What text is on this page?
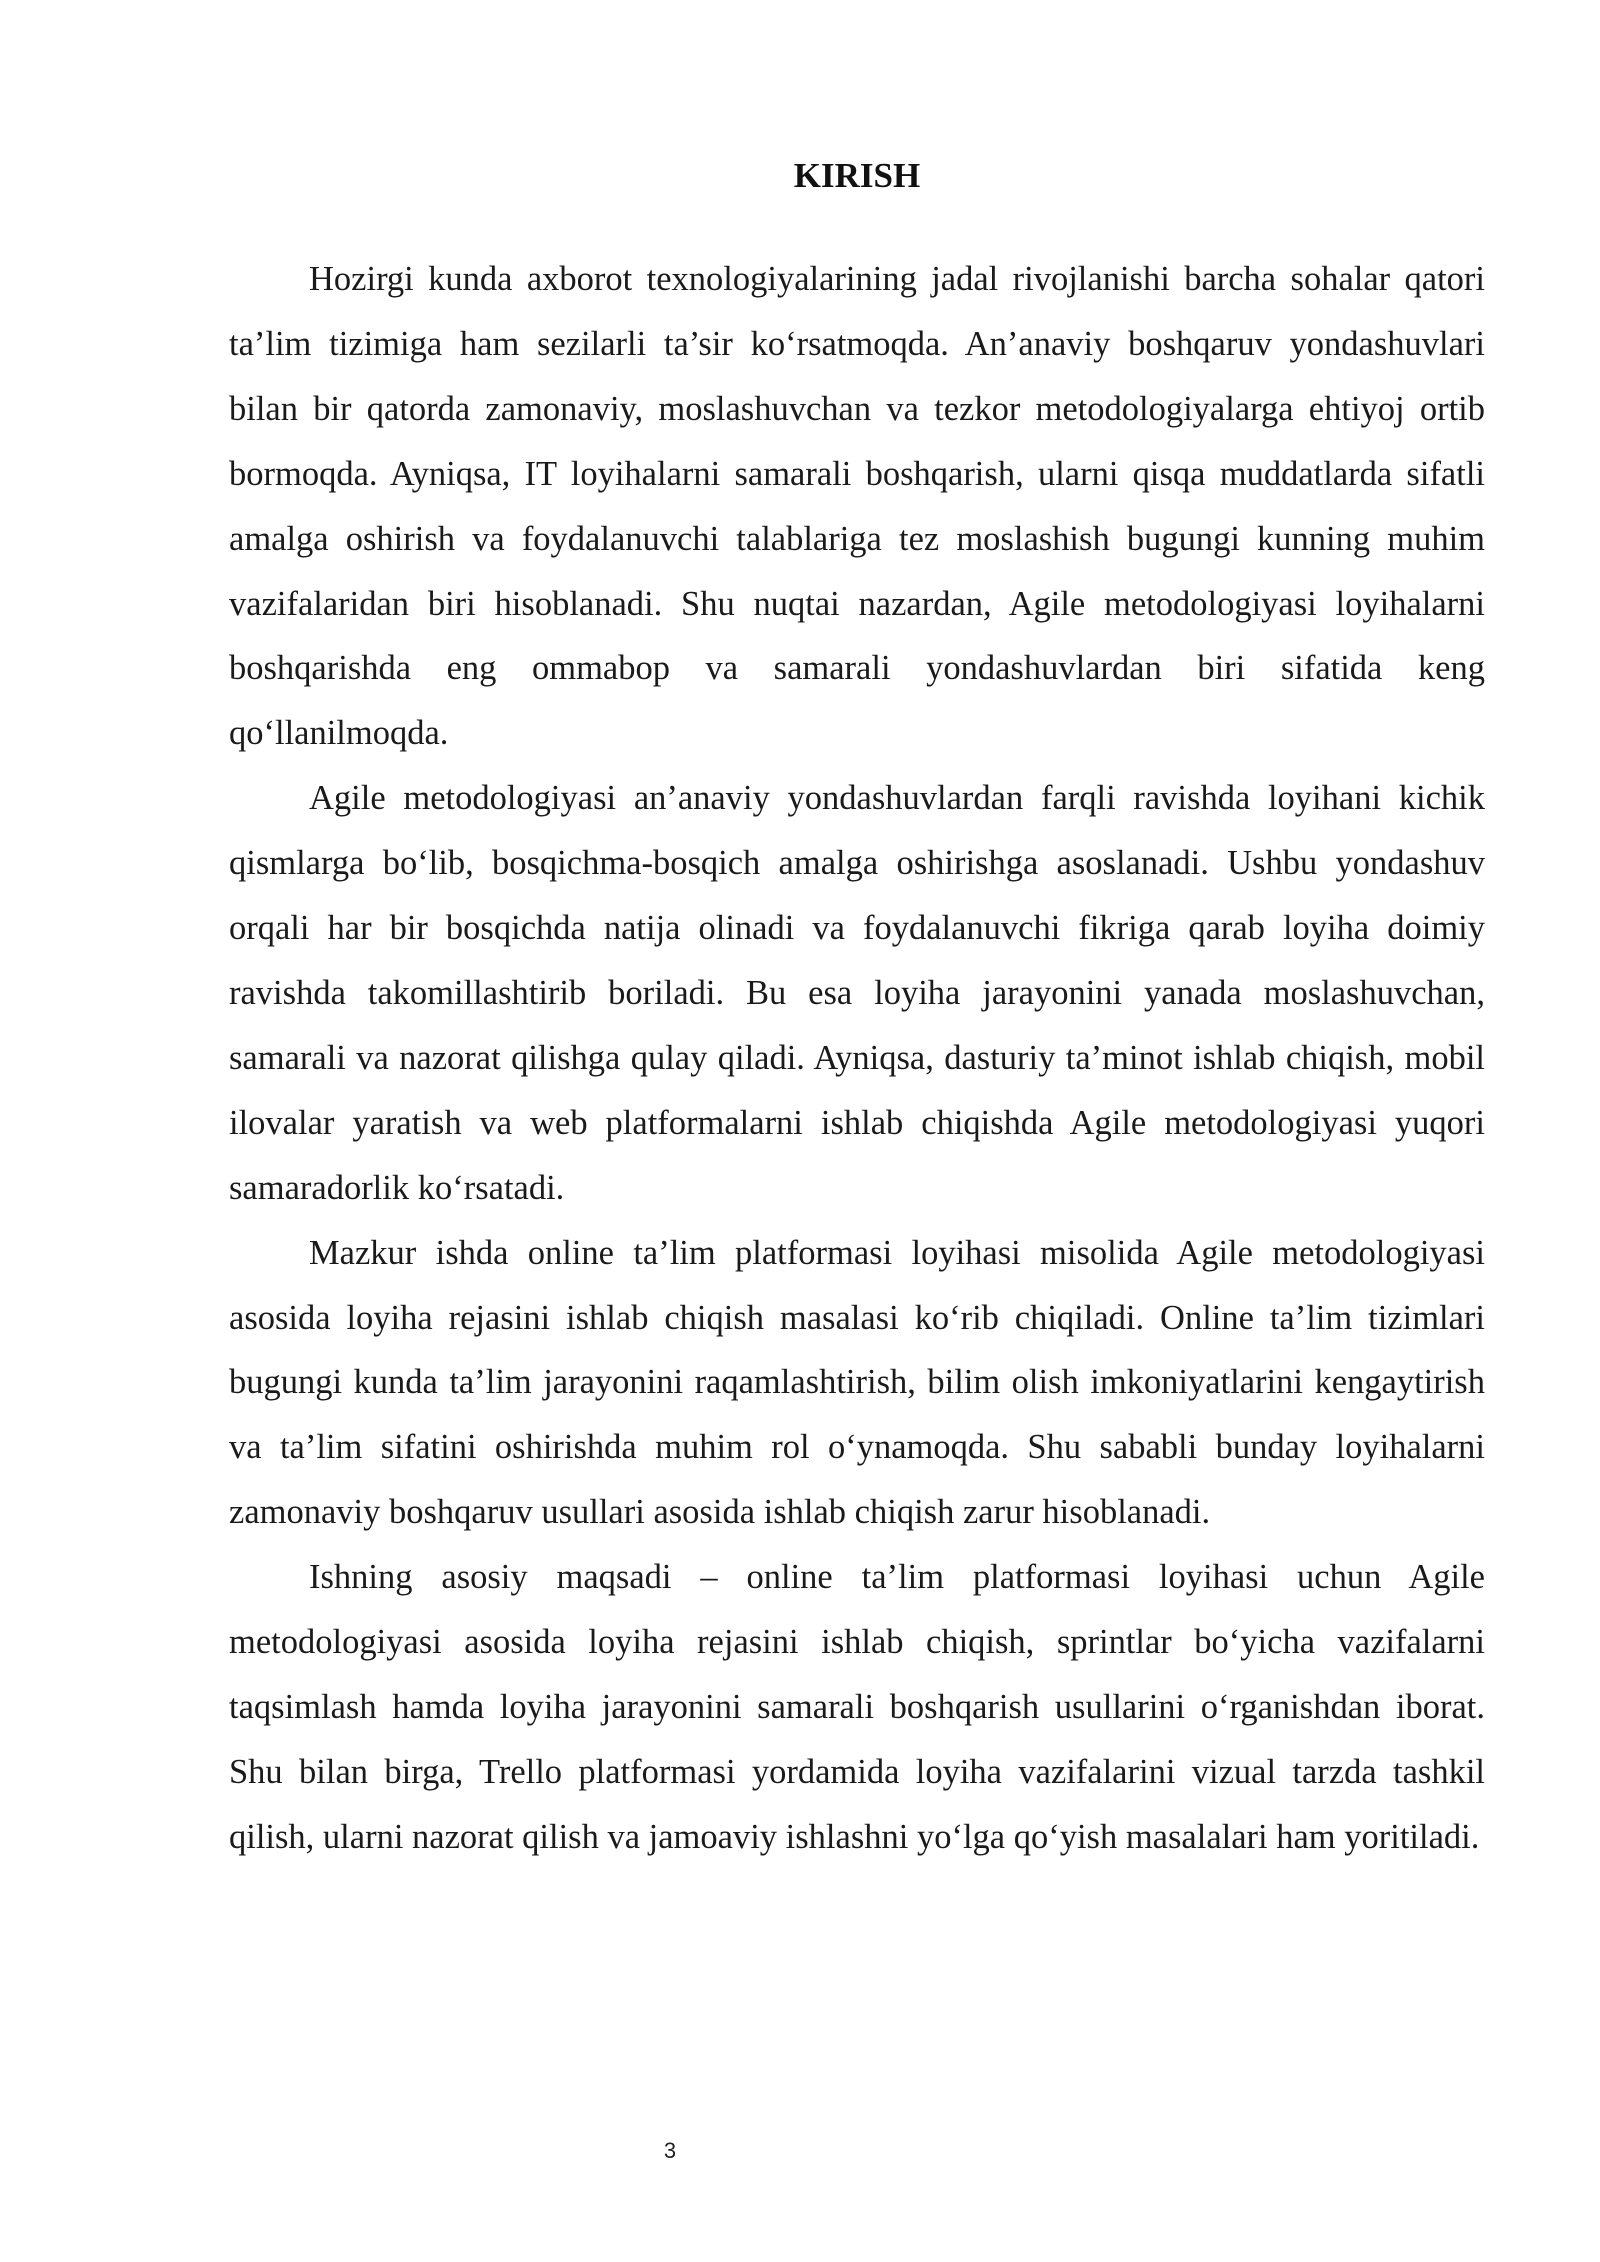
KIRISH

Hozirgi kunda axborot texnologiyalarining jadal rivojlanishi barcha sohalar qatori ta’lim tizimiga ham sezilarli ta’sir ko‘rsatmoqda. An’anaviy boshqaruv yondashuvlari bilan bir qatorda zamonaviy, moslashuvchan va tezkor metodologiyalarga ehtiyoj ortib bormoqda. Ayniqsa, IT loyihalarni samarali boshqarish, ularni qisqa muddatlarda sifatli amalga oshirish va foydalanuvchi talablariga tez moslashish bugungi kunning muhim vazifalaridan biri hisoblanadi. Shu nuqtai nazardan, Agile metodologiyasi loyihalarni boshqarishda eng ommabop va samarali yondashuvlardan biri sifatida keng qo‘llanilmoqda.

Agile metodologiyasi an’anaviy yondashuvlardan farqli ravishda loyihani kichik qismlarga bo‘lib, bosqichma-bosqich amalga oshirishga asoslanadi. Ushbu yondashuv orqali har bir bosqichda natija olinadi va foydalanuvchi fikriga qarab loyiha doimiy ravishda takomillashtirib boriladi. Bu esa loyiha jarayonini yanada moslashuvchan, samarali va nazorat qilishga qulay qiladi. Ayniqsa, dasturiy ta’minot ishlab chiqish, mobil ilovalar yaratish va web platformalarni ishlab chiqishda Agile metodologiyasi yuqori samaradorlik ko‘rsatadi.

Mazkur ishda online ta’lim platformasi loyihasi misolida Agile metodologiyasi asosida loyiha rejasini ishlab chiqish masalasi ko‘rib chiqiladi. Online ta’lim tizimlari bugungi kunda ta’lim jarayonini raqamlashtirish, bilim olish imkoniyatlarini kengaytirish va ta’lim sifatini oshirishda muhim rol o‘ynamoqda. Shu sababli bunday loyihalarni zamonaviy boshqaruv usullari asosida ishlab chiqish zarur hisoblanadi.

Ishning asosiy maqsadi – online ta’lim platformasi loyihasi uchun Agile metodologiyasi asosida loyiha rejasini ishlab chiqish, sprintlar bo‘yicha vazifalarni taqsimlash hamda loyiha jarayonini samarali boshqarish usullarini o‘rganishdan iborat. Shu bilan birga, Trello platformasi yordamida loyiha vazifalarini vizual tarzda tashkil qilish, ularni nazorat qilish va jamoaviy ishlashni yo‘lga qo‘yish masalalari ham yoritiladi.

3
